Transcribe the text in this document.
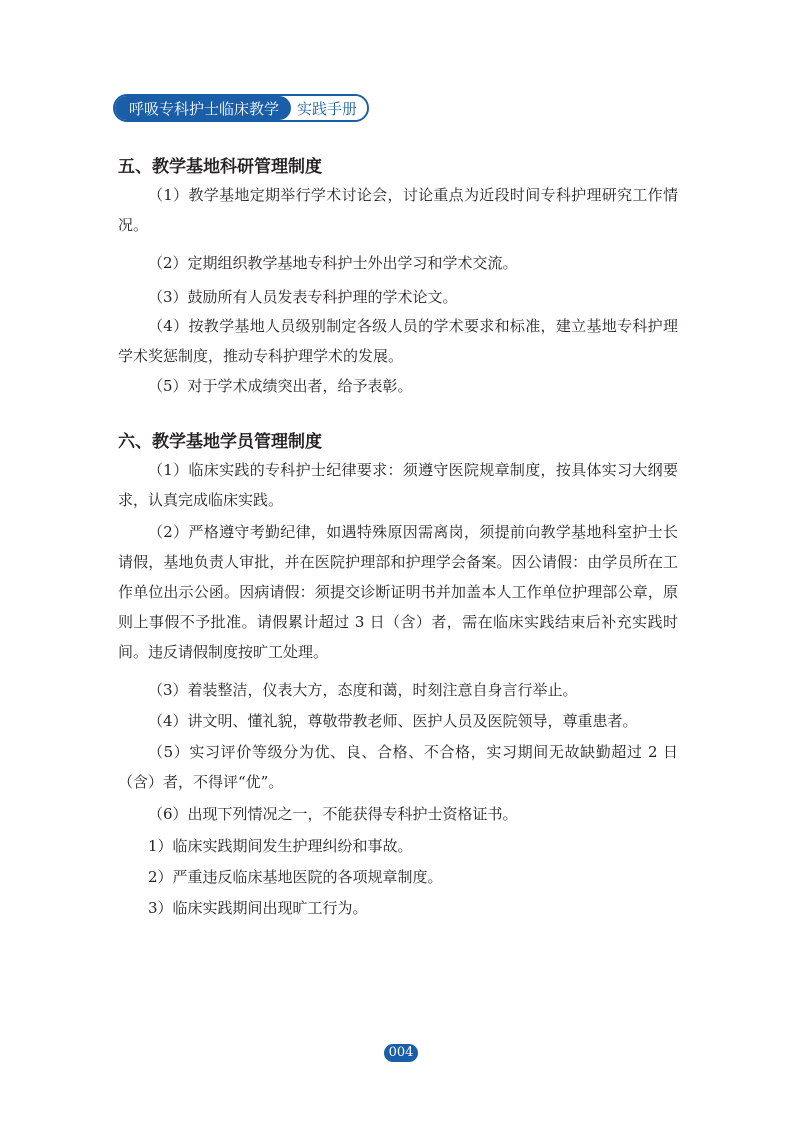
呼吸专科护士临床教学	实践手册
五、教学基地科研管理制度

（1）教学基地定期举行学术讨论会，讨论重点为近段时间专科护理研究工作情况。

（2）定期组织教学基地专科护士外出学习和学术交流。

（3）鼓励所有人员发表专科护理的学术论文。

（4）按教学基地人员级别制定各级人员的学术要求和标准，建立基地专科护理学术奖惩制度，推动专科护理学术的发展。

（5）对于学术成绩突出者，给予表彰。

六、教学基地学员管理制度

（1）临床实践的专科护士纪律要求：须遵守医院规章制度，按具体实习大纲要求，认真完成临床实践。

（2）严格遵守考勤纪律，如遇特殊原因需离岗，须提前向教学基地科室护士长请假，基地负责人审批，并在医院护理部和护理学会备案。因公请假：由学员所在工作单位出示公函。因病请假：须提交诊断证明书并加盖本人工作单位护理部公章，原则上事假不予批准。请假累计超过 3 日（含）者，需在临床实践结束后补充实践时间。违反请假制度按旷工处理。

（3）着装整洁，仪表大方，态度和蔼，时刻注意自身言行举止。

（4）讲文明、懂礼貌，尊敬带教老师、医护人员及医院领导，尊重患者。

（5）实习评价等级分为优、良、合格、不合格，实习期间无故缺勤超过 2 日（含）者，不得评“优”。

（6）出现下列情况之一，不能获得专科护士资格证书。

1）临床实践期间发生护理纠纷和事故。

2）严重违反临床基地医院的各项规章制度。

3）临床实践期间出现旷工行为。

004
